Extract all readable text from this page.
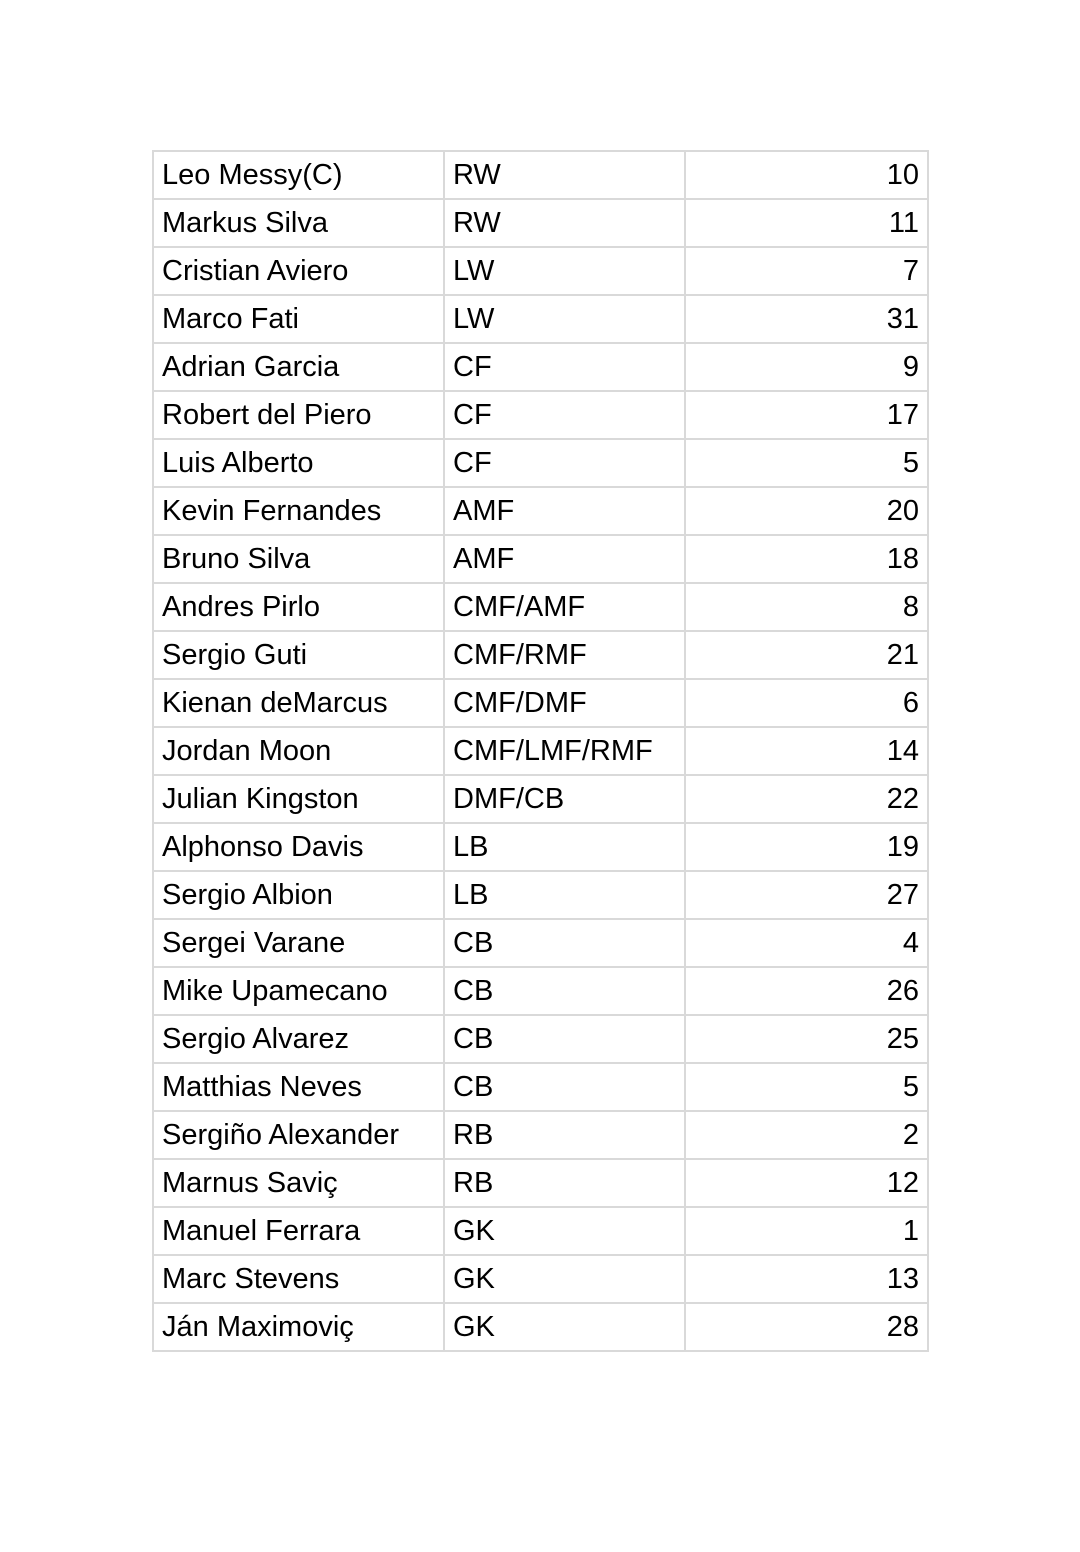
Leo Messy(C)	RW	10
Markus Silva	RW	11
Cristian Aviero	LW	7
Marco Fati	LW	31
Adrian Garcia	CF	9
Robert del Piero	CF	17
Luis Alberto	CF	5
Kevin Fernandes	AMF	20
Bruno Silva	AMF	18
Andres Pirlo	CMF/AMF	8
Sergio Guti	CMF/RMF	21
Kienan deMarcus	CMF/DMF	6
Jordan Moon	CMF/LMF/RMF	14
Julian Kingston	DMF/CB	22
Alphonso Davis	LB	19
Sergio Albion	LB	27
Sergei Varane	CB	4
Mike Upamecano	CB	26
Sergio Alvarez	CB	25
Matthias Neves	CB	5
Sergiño Alexander	RB	2
Marnus Saviç	RB	12
Manuel Ferrara	GK	1
Marc Stevens	GK	13
Ján Maximoviç	GK	28
